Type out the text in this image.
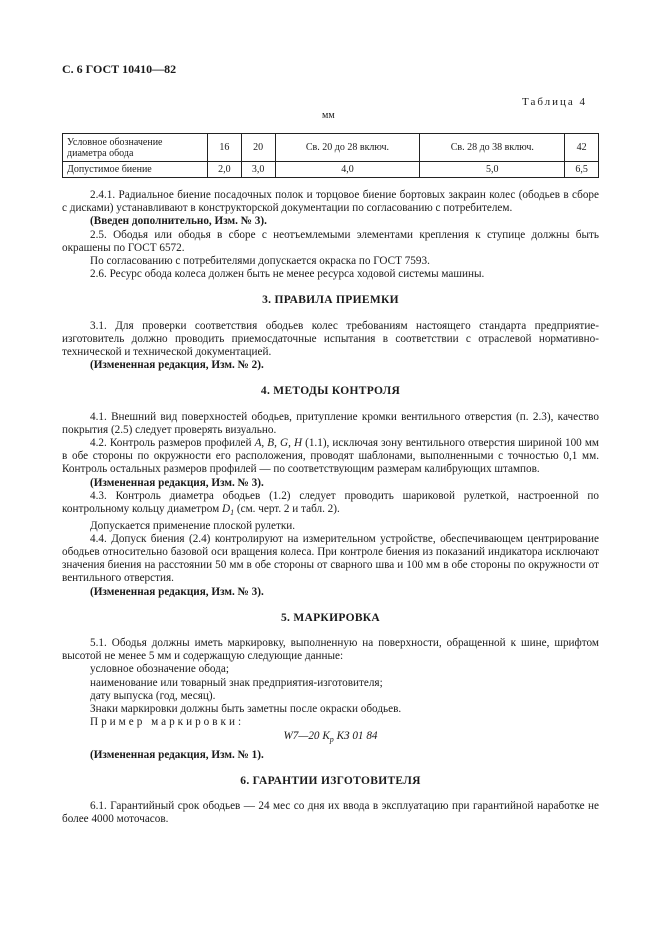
С. 6 ГОСТ 10410—82
Таблица 4
мм
Условное обозначение диаметра обода	16	20	Св. 20 до 28 включ.	Св. 28 до 38 включ.	42
Допустимое биение	2,0	3,0	4,0	5,0	6,5

2.4.1. Радиальное биение посадочных полок и торцовое биение бортовых закраин колес (ободьев в сборе с дисками) устанавливают в конструкторской документации по согласованию с потребителем.

(Введен дополнительно, Изм. № 3).

2.5. Ободья или ободья в сборе с неотъемлемыми элементами крепления к ступице должны быть окрашены по ГОСТ 6572.

По согласованию с потребителями допускается окраска по ГОСТ 7593.

2.6. Ресурс обода колеса должен быть не менее ресурса ходовой системы машины.

3. ПРАВИЛА ПРИЕМКИ

3.1. Для проверки соответствия ободьев колес требованиям настоящего стандарта предприятие-изготовитель должно проводить приемосдаточные испытания в соответствии с отраслевой нормативно-технической и технической документацией.

(Измененная редакция, Изм. № 2).

4. МЕТОДЫ КОНТРОЛЯ

4.1. Внешний вид поверхностей ободьев, притупление кромки вентильного отверстия (п. 2.3), качество покрытия (2.5) следует проверять визуально.

4.2. Контроль размеров профилей A, B, G, H (1.1), исключая зону вентильного отверстия шириной 100 мм в обе стороны по окружности его расположения, проводят шаблонами, выполненными с точностью 0,1 мм. Контроль остальных размеров профилей — по соответствующим размерам калибрующих штампов.

(Измененная редакция, Изм. № 3).

4.3. Контроль диаметра ободьев (1.2) следует проводить шариковой рулеткой, настроенной по контрольному кольцу диаметром $D_1$ (см. черт. 2 и табл. 2).

Допускается применение плоской рулетки.

4.4. Допуск биения (2.4) контролируют на измерительном устройстве, обеспечивающем центрирование ободьев относительно базовой оси вращения колеса. При контроле биения из показаний индикатора исключают значения биения на расстоянии 50 мм в обе стороны от сварного шва и 100 мм в обе стороны по окружности от вентильного отверстия.

(Измененная редакция, Изм. № 3).

5. МАРКИРОВКА

5.1. Ободья должны иметь маркировку, выполненную на поверхности, обращенной к шине, шрифтом высотой не менее 5 мм и содержащую следующие данные:

условное обозначение обода;

наименование или товарный знак предприятия-изготовителя;

дату выпуска (год, месяц).

Знаки маркировки должны быть заметны после окраски ободьев.

Пример маркировки:

W7—20 $K_р$ КЗ 01 84

(Измененная редакция, Изм. № 1).

6. ГАРАНТИИ ИЗГОТОВИТЕЛЯ

6.1. Гарантийный срок ободьев — 24 мес со дня их ввода в эксплуатацию при гарантийной наработке не более 4000 моточасов.
